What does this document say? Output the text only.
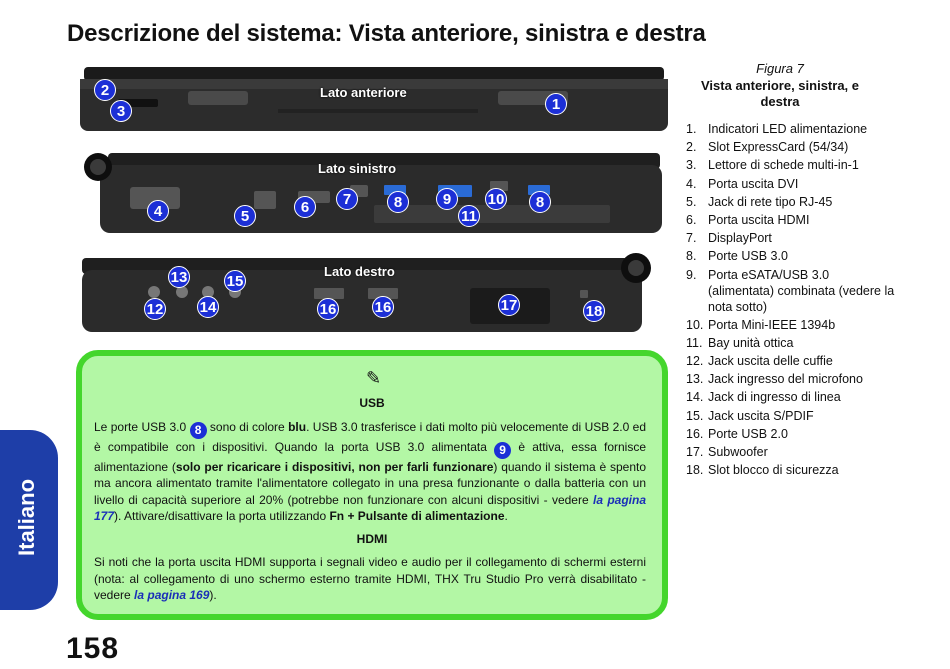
Descrizione del sistema: Vista anteriore, sinistra e destra
Lato anteriore
2
3	1
Lato sinistro
4	5
6	7	8	9	10	8
11
Lato destro
13	15
12 14	16	16	17	18
Figura 7
Vista anteriore, sinistra, e destra
1. Indicatori LED alimentazione
2. Slot ExpressCard (54/34)
3. Lettore di schede multi-in-1
4. Porta uscita DVI
5. Jack di rete tipo RJ-45
6. Porta uscita HDMI
7. DisplayPort
8. Porte USB 3.0
9. Porta eSATA/USB 3.0 (alimentata) combinata (vedere la nota sotto)
10. Porta Mini-IEEE 1394b
11. Bay unità ottica
12. Jack uscita delle cuffie
13. Jack ingresso del microfono
14. Jack di ingresso di linea
15. Jack uscita S/PDIF
16. Porte USB 2.0
17. Subwoofer
18. Slot blocco di sicurezza
✎
USB

Le porte USB 3.0 8 sono di colore blu. USB 3.0 trasferisce i dati molto più velocemente di USB 2.0 ed è compatibile con i dispositivi. Quando la porta USB 3.0 alimentata 9 è attiva, essa fornisce alimentazione (solo per ricaricare i dispositivi, non per farli funzionare) quando il sistema è spento ma ancora alimentato tramite l'alimentatore collegato in una presa funzionante o dalla batteria con un livello di capacità superiore al 20% (potrebbe non funzionare con alcuni dispositivi - vedere la pagina 177). Attivare/disattivare la porta utilizzando Fn + Pulsante di alimentazione.

HDMI

Si noti che la porta uscita HDMI supporta i segnali video e audio per il collegamento di schermi esterni (nota: al collegamento di uno schermo esterno tramite HDMI, THX Tru Studio Pro verrà disabilitato - vedere la pagina 169).

Italiano
158
